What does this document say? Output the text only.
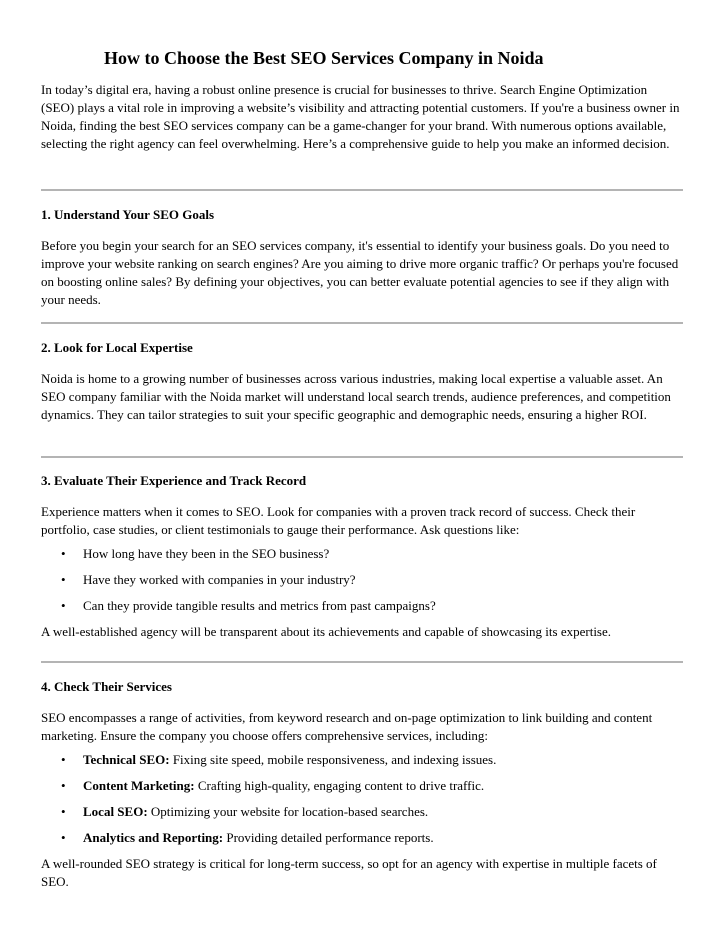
How to Choose the Best SEO Services Company in Noida

In today’s digital era, having a robust online presence is crucial for businesses to thrive. Search Engine Optimization (SEO) plays a vital role in improving a website’s visibility and attracting potential customers. If you're a business owner in Noida, finding the best SEO services company can be a game-changer for your brand. With numerous options available, selecting the right agency can feel overwhelming. Here’s a comprehensive guide to help you make an informed decision.

1. Understand Your SEO Goals

Before you begin your search for an SEO services company, it's essential to identify your business goals. Do you need to improve your website ranking on search engines? Are you aiming to drive more organic traffic? Or perhaps you're focused on boosting online sales? By defining your objectives, you can better evaluate potential agencies to see if they align with your needs.

2. Look for Local Expertise

Noida is home to a growing number of businesses across various industries, making local expertise a valuable asset. An SEO company familiar with the Noida market will understand local search trends, audience preferences, and competition dynamics. They can tailor strategies to suit your specific geographic and demographic needs, ensuring a higher ROI.

3. Evaluate Their Experience and Track Record

Experience matters when it comes to SEO. Look for companies with a proven track record of success. Check their portfolio, case studies, or client testimonials to gauge their performance. Ask questions like:

• How long have they been in the SEO business?
• Have they worked with companies in your industry?
• Can they provide tangible results and metrics from past campaigns?

A well-established agency will be transparent about its achievements and capable of showcasing its expertise.

4. Check Their Services

SEO encompasses a range of activities, from keyword research and on-page optimization to link building and content marketing. Ensure the company you choose offers comprehensive services, including:

• Technical SEO: Fixing site speed, mobile responsiveness, and indexing issues.
• Content Marketing: Crafting high-quality, engaging content to drive traffic.
• Local SEO: Optimizing your website for location-based searches.
• Analytics and Reporting: Providing detailed performance reports.

A well-rounded SEO strategy is critical for long-term success, so opt for an agency with expertise in multiple facets of SEO.
